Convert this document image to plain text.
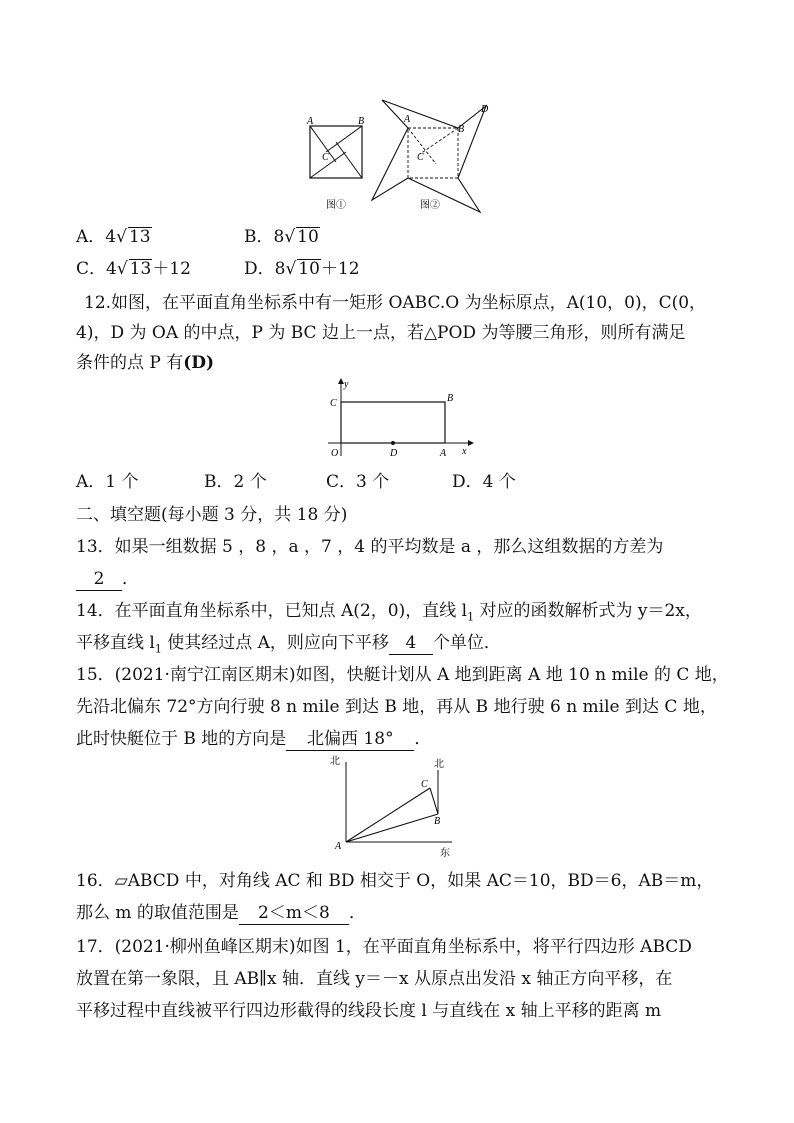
A	B
C
图①
A
B
C
D
图②
A．4√ 13	B．8√ 10
C．4√ 13＋12	D．8√ 10＋12
12.如图，在平面直角坐标系中有一矩形 OABC.O 为坐标原点，A(10，0)，C(0，
4)，D 为 OA 的中点，P 为 BC 边上一点，若△POD 为等腰三角形，则所有满足
条件的点 P 有(D)
y
x
C	B
O	D	A
A．1 个	B．2 个	C．3 个	D．4 个
二、填空题(每小题 3 分，共 18 分)
13．如果一组数据 5 ，8 ，a ，7 ，4 的平均数是 a ，那么这组数据的方差为
2 ．
14．在平面直角坐标系中，已知点 A(2，0)，直线 $l_1$ 对应的函数解析式为 y＝2x，
平移直线 $l_1$ 使其经过点 A，则应向下平移 4 个单位．
15．(2021·南宁江南区期末)如图，快艇计划从 A 地到距离 A 地 10 n mile 的 C 地，
先沿北偏东 72°方向行驶 8 n mile 到达 B 地，再从 B 地行驶 6 n mile 到达 C 地，
此时快艇位于 B 地的方向是 北偏西 18° ．
北	北
东
A
B
C
16．▱ABCD 中，对角线 AC 和 BD 相交于 O，如果 AC＝10，BD＝6，AB＝m，
那么 m 的取值范围是 2＜m＜8 ．
17．(2021·柳州鱼峰区期末)如图 1，在平面直角坐标系中，将平行四边形 ABCD
放置在第一象限，且 AB∥x 轴．直线 y＝－x 从原点出发沿 x 轴正方向平移，在
平移过程中直线被平行四边形截得的线段长度 l 与直线在 x 轴上平移的距离 m
